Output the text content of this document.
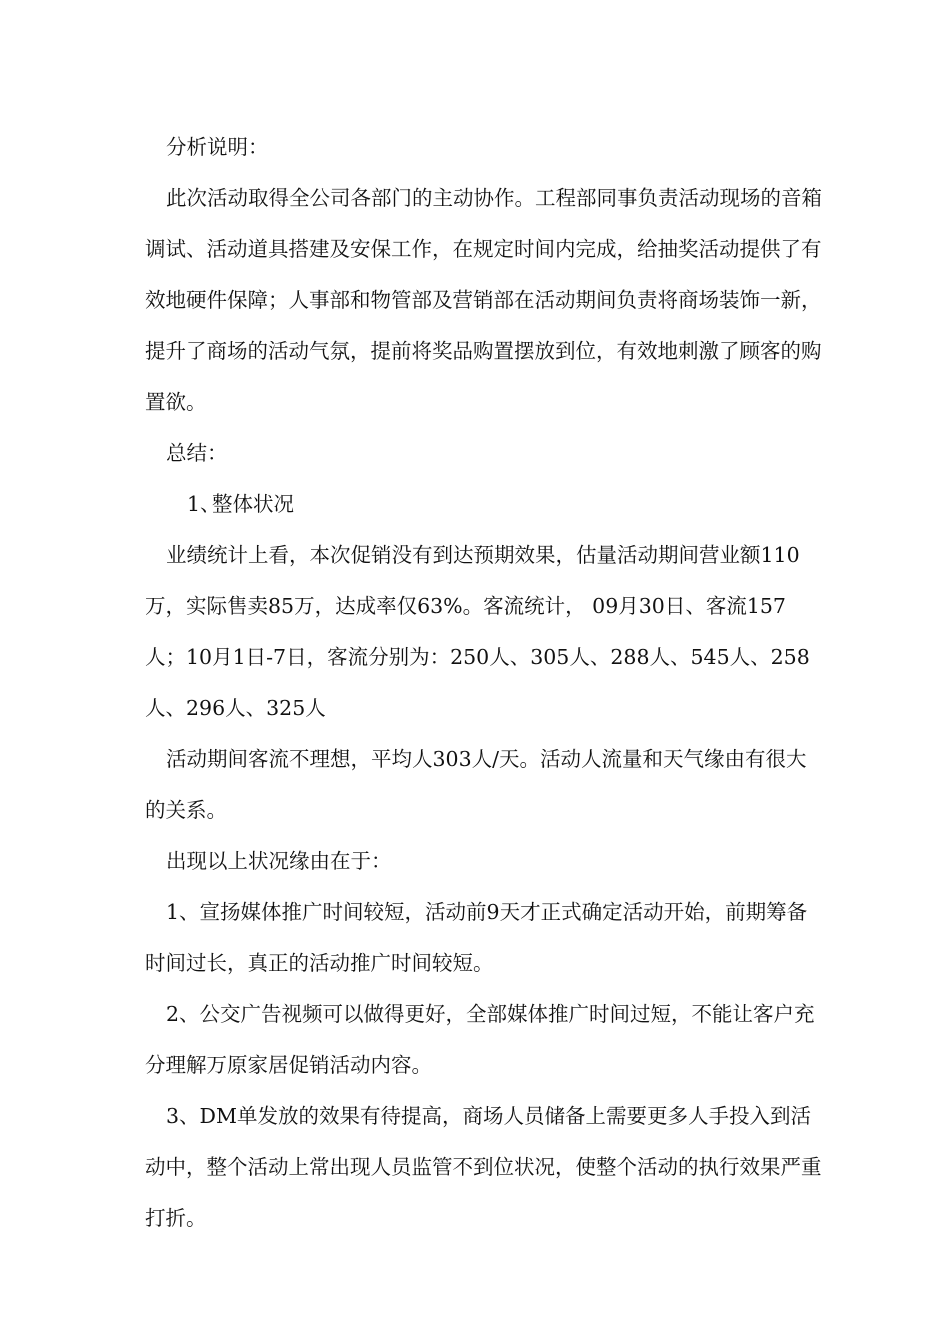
分析说明：

此次活动取得全公司各部门的主动协作。工程部同事负责活动现场的音箱调试、活动道具搭建及安保工作，在规定时间内完成，给抽奖活动提供了有效地硬件保障；人事部和物管部及营销部在活动期间负责将商场装饰一新，提升了商场的活动气氛，提前将奖品购置摆放到位，有效地刺激了顾客的购置欲。

总结：

1、整体状况

业绩统计上看，本次促销没有到达预期效果，估量活动期间营业额110万，实际售卖85万，达成率仅63%。客流统计， 09月30日、客流157人；10月1日-7日，客流分别为：250人、305人、288人、545人、258人、296人、325人

活动期间客流不理想，平均人303人/天。活动人流量和天气缘由有很大的关系。

出现以上状况缘由在于：

1、宣扬媒体推广时间较短，活动前9天才正式确定活动开始，前期筹备时间过长，真正的活动推广时间较短。

2、公交广告视频可以做得更好，全部媒体推广时间过短，不能让客户充分理解万原家居促销活动内容。

3、DM单发放的效果有待提高，商场人员储备上需要更多人手投入到活动中，整个活动上常出现人员监管不到位状况，使整个活动的执行效果严重打折。
